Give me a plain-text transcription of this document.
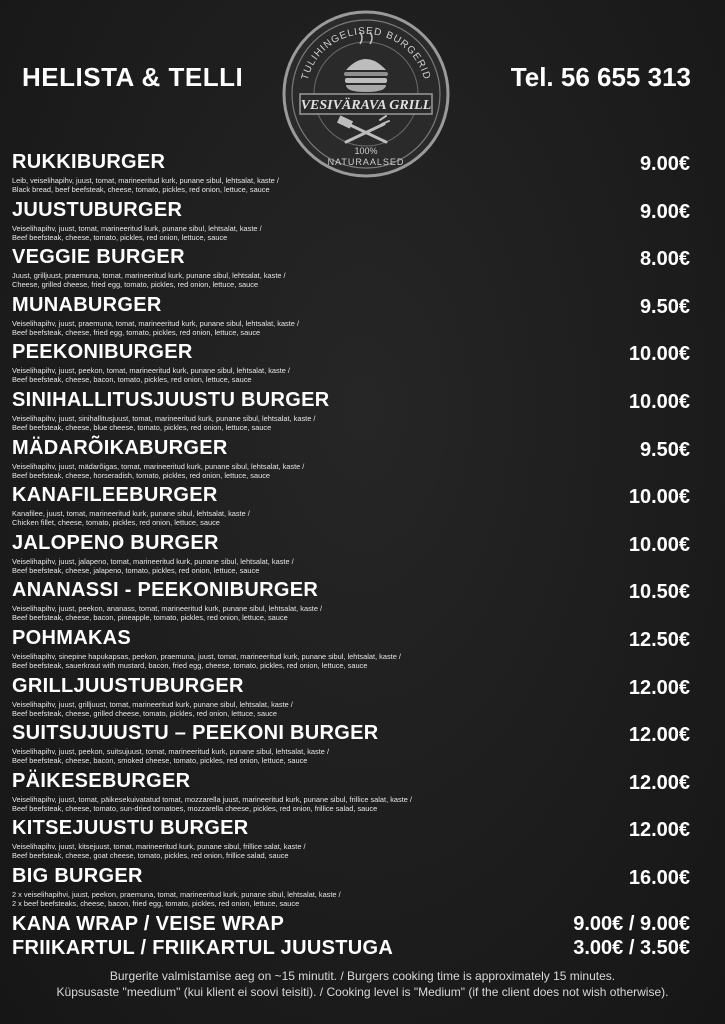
HELISTA & TELLI	Tel. 56 655 313
TULIHINGELISED BURGERID
VESIVÄRAVA GRILL
100%
NATURAALSED
RUKKIBURGER	9.00€
Leib, veiselihapihv, juust, tomat, marineeritud kurk, punane sibul, lehtsalat, kaste /
Black bread, beef beefsteak, cheese, tomato, pickles, red onion, lettuce, sauce
JUUSTUBURGER	9.00€
Veiselihapihv, juust, tomat, marineeritud kurk, punane sibul, lehtsalat, kaste /
Beef beefsteak, cheese, tomato, pickles, red onion, lettuce, sauce
VEGGIE BURGER	8.00€
Juust, grilljuust, praemuna, tomat, marineeritud kurk, punane sibul, lehtsalat, kaste /
Cheese, grilled cheese, fried egg, tomato, pickles, red onion, lettuce, sauce
MUNABURGER	9.50€
Veiselihapihv, juust, praemuna, tomat, marineeritud kurk, punane sibul, lehtsalat, kaste /
Beef beefsteak, cheese, fried egg, tomato, pickles, red onion, lettuce, sauce
PEEKONIBURGER	10.00€
Veiselihapihv, juust, peekon, tomat, marineeritud kurk, punane sibul, lehtsalat, kaste /
Beef beefsteak, cheese, bacon, tomato, pickles, red onion, lettuce, sauce
SINIHALLITUSJUUSTU BURGER	10.00€
Veiselihapihv, juust, sinihallitusjuust, tomat, marineeritud kurk, punane sibul, lehtsalat, kaste /
Beef beefsteak, cheese, blue cheese, tomato, pickles, red onion, lettuce, sauce
MÄDARÕIKABURGER	9.50€
Veiselihapihv, juust, mädarõigas, tomat, marineeritud kurk, punane sibul, lehtsalat, kaste /
Beef beefsteak, cheese, horseradish, tomato, pickles, red onion, lettuce, sauce
KANAFILEEBURGER	10.00€
Kanafilee, juust, tomat, marineeritud kurk, punane sibul, lehtsalat, kaste /
Chicken fillet, cheese, tomato, pickles, red onion, lettuce, sauce
JALOPENO BURGER	10.00€
Veiselihapihv, juust, jalapeno, tomat, marineeritud kurk, punane sibul, lehtsalat, kaste /
Beef beefsteak, cheese, jalapeno, tomato, pickles, red onion, lettuce, sauce
ANANASSI - PEEKONIBURGER	10.50€
Veiselihapihv, juust, peekon, ananass, tomat, marineeritud kurk, punane sibul, lehtsalat, kaste /
Beef beefsteak, cheese, bacon, pineapple, tomato, pickles, red onion, lettuce, sauce
POHMAKAS	12.50€
Veiselihapihv, sinepine hapukapsas, peekon, praemuna, juust, tomat, marineeritud kurk, punane sibul, lehtsalat, kaste /
Beef beefsteak, sauerkraut with mustard, bacon, fried egg, cheese, tomato, pickles, red onion, lettuce, sauce
GRILLJUUSTUBURGER	12.00€
Veiselihapihv, juust, grilljuust, tomat, marineeritud kurk, punane sibul, lehtsalat, kaste /
Beef beefsteak, cheese, grilled cheese, tomato, pickles, red onion, lettuce, sauce
SUITSUJUUSTU – PEEKONI BURGER	12.00€
Veiselihapihv, juust, peekon, suitsujuust, tomat, marineeritud kurk, punane sibul, lehtsalat, kaste /
Beef beefsteak, cheese, bacon, smoked cheese, tomato, pickles, red onion, lettuce, sauce
PÄIKESEBURGER	12.00€
Veiselihapihv, juust, tomat, päikesekuivatatud tomat, mozzarella juust, marineeritud kurk, punane sibul, frillice salat, kaste /
Beef beefsteak, cheese, tomato, sun-dried tomatoes, mozzarella cheese, pickles, red onion, frillice salad, sauce
KITSEJUUSTU BURGER	12.00€
Veiselihapihv, juust, kitsejuust, tomat, marineeritud kurk, punane sibul, frillice salat, kaste /
Beef beefsteak, cheese, goat cheese, tomato, pickles, red onion, frillice salad, sauce
BIG BURGER	16.00€
2 x veiselihapihvi, juust, peekon, praemuna, tomat, marineeritud kurk, punane sibul, lehtsalat, kaste /
2 x beef beefsteaks, cheese, bacon, fried egg, tomato, pickles, red onion, lettuce, sauce
KANA WRAP / VEISE WRAP	9.00€ / 9.00€
FRIIKARTUL / FRIIKARTUL JUUSTUGA	3.00€ / 3.50€
Burgerite valmistamise aeg on ~15 minutit. / Burgers cooking time is approximately 15 minutes.
Küpsusaste "meedium" (kui klient ei soovi teisiti). / Cooking level is "Medium" (if the client does not wish otherwise).
